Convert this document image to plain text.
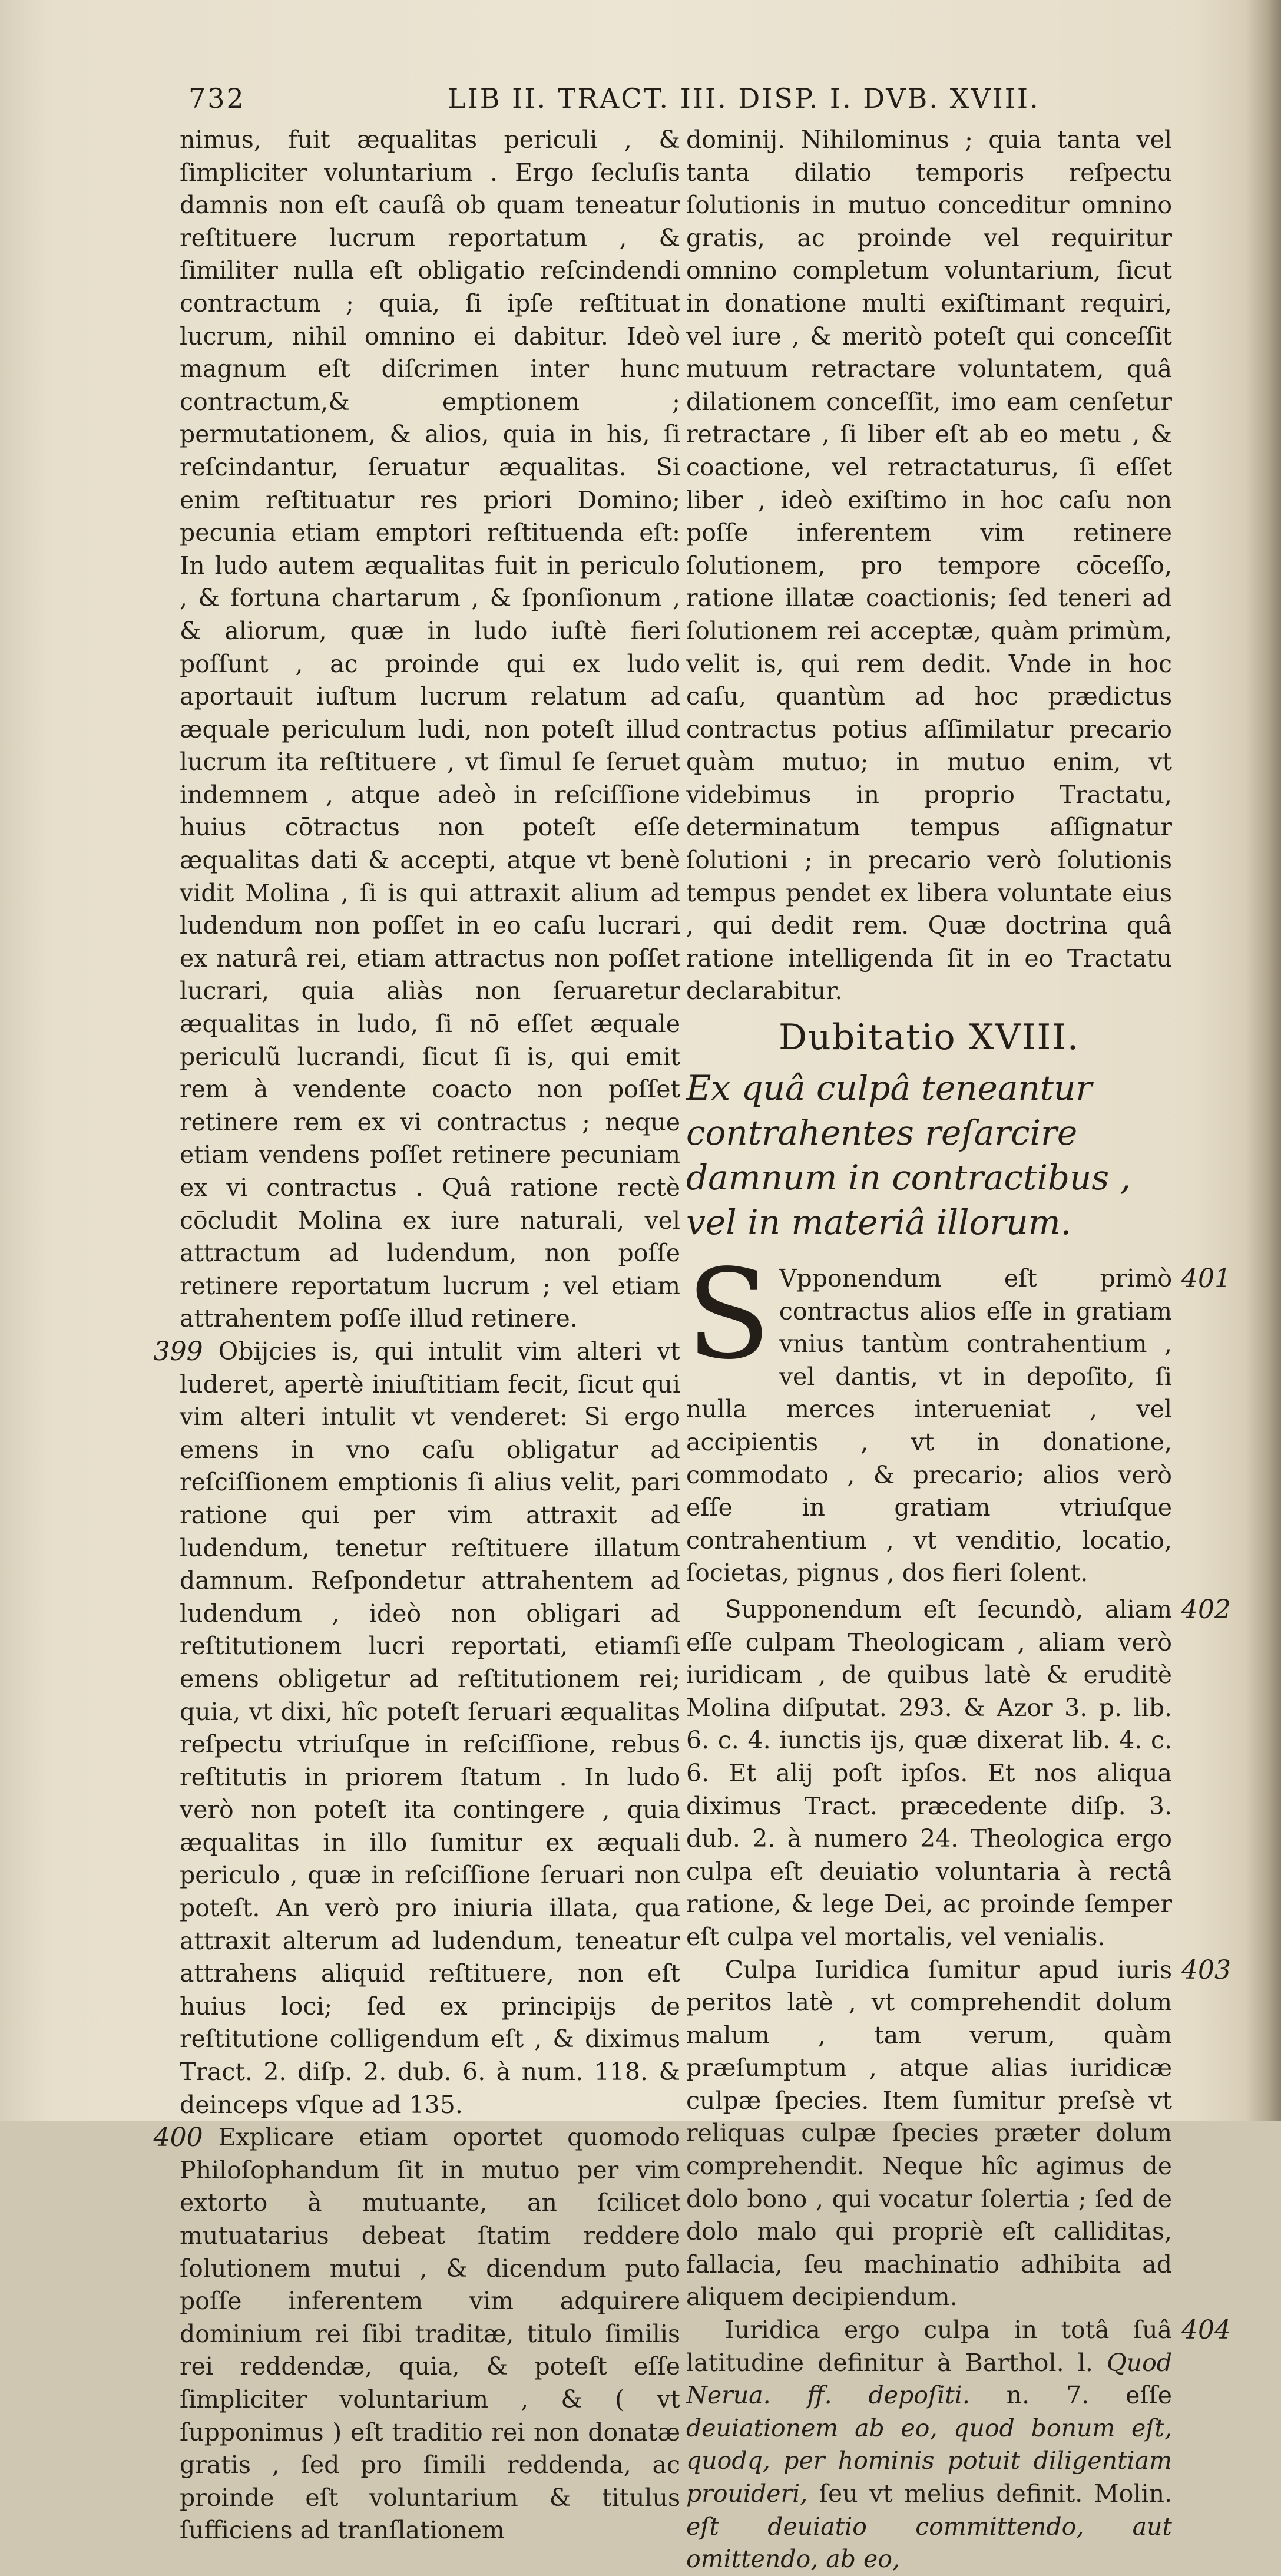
732	LIB II. TRACT. III. DISP. I. DVB. XVIII.

nimus, fuit æqualitas periculi , & ſimpliciter voluntarium . Ergo ſecluſis damnis non eſt cauſâ ob quam teneatur reſtituere lucrum reportatum , & ſimiliter nulla eſt obligatio reſcindendi contractum ; quia, ſi ipſe reſtituat lucrum, nihil omnino ei dabitur. Ideò magnum eſt diſcrimen inter hunc contractum,& emptionem ; permutationem, & alios, quia in his, ſi reſcindantur, ſeruatur æqualitas. Si enim reſtituatur res priori Domino; pecunia etiam emptori reſtituenda eſt: In ludo autem æqualitas fuit in periculo , & fortuna chartarum , & ſponſionum , & aliorum, quæ in ludo iuſtè fieri poſſunt , ac proinde qui ex ludo aportauit iuſtum lucrum relatum ad æquale periculum ludi, non poteſt illud lucrum ita reſtituere , vt ſimul ſe ſeruet indemnem , atque adeò in reſciſſione huius cōtractus non poteſt eſſe æqualitas dati & accepti, atque vt benè vidit Molina , ſi is qui attraxit alium ad ludendum non poſſet in eo caſu lucrari ex naturâ rei, etiam attractus non poſſet lucrari, quia aliàs non ſeruaretur æqualitas in ludo, ſi nō eſſet æquale periculũ lucrandi, ſicut ſi is, qui emit rem à vendente coacto non poſſet retinere rem ex vi contractus ; neque etiam vendens poſſet retinere pecuniam ex vi contractus . Quâ ratione rectè cōcludit Molina ex iure naturali, vel attractum ad ludendum, non poſſe retinere reportatum lucrum ; vel etiam attrahentem poſſe illud retinere.

399 Obijcies is, qui intulit vim alteri vt luderet, apertè iniuſtitiam fecit, ſicut qui vim alteri intulit vt venderet: Si ergo emens in vno caſu obligatur ad reſciſſionem emptionis ſi alius velit, pari ratione qui per vim attraxit ad ludendum, tenetur reſtituere illatum damnum. Reſpondetur attrahentem ad ludendum , ideò non obligari ad reſtitutionem lucri reportati, etiamſi emens obligetur ad reſtitutionem rei; quia, vt dixi, hîc poteſt ſeruari æqualitas reſpectu vtriuſque in reſciſſione, rebus reſtitutis in priorem ſtatum . In ludo verò non poteſt ita contingere , quia æqualitas in illo ſumitur ex æquali periculo , quæ in reſciſſione ſeruari non poteſt. An verò pro iniuria illata, qua attraxit alterum ad ludendum, teneatur attrahens aliquid reſtituere, non eſt huius loci; ſed ex principijs de reſtitutione colligendum eſt , & diximus Tract. 2. diſp. 2. dub. 6. à num. 118. & deinceps vſque ad 135.

400 Explicare etiam oportet quomodo Philoſophandum ſit in mutuo per vim extorto à mutuante, an ſcilicet mutuatarius debeat ſtatim reddere ſolutionem mutui , & dicendum puto poſſe inferentem vim adquirere dominium rei ſibi traditæ, titulo ſimilis rei reddendæ, quia, & poteſt eſſe ſimpliciter voluntarium , & ( vt ſupponimus ) eſt traditio rei non donatæ gratis , ſed pro ſimili reddenda, ac proinde eſt voluntarium & titulus ſufficiens ad tranſlationem

dominij. Nihilominus ; quia tanta vel tanta dilatio temporis reſpectu ſolutionis in mutuo conceditur omnino gratis, ac proinde vel requiritur omnino completum voluntarium, ſicut in donatione multi exiſtimant requiri, vel iure , & meritò poteſt qui conceſſit mutuum retractare voluntatem, quâ dilationem conceſſit, imo eam cenſetur retractare , ſi liber eſt ab eo metu , & coactione, vel retractaturus, ſi eſſet liber , ideò exiſtimo in hoc caſu non poſſe inferentem vim retinere ſolutionem, pro tempore cōceſſo, ratione illatæ coactionis; ſed teneri ad ſolutionem rei acceptæ, quàm primùm, velit is, qui rem dedit. Vnde in hoc caſu, quantùm ad hoc prædictus contractus potius aſſimilatur precario quàm mutuo; in mutuo enim, vt videbimus in proprio Tractatu, determinatum tempus aſſignatur ſolutioni ; in precario verò ſolutionis tempus pendet ex libera voluntate eius , qui dedit rem. Quæ doctrina quâ ratione intelligenda ſit in eo Tractatu declarabitur.

Dubitatio XVIII.
Ex quâ culpâ teneantur contrahentes reſarcire damnum in contractibus , vel in materiâ illorum.

401
S Vpponendum eſt primò contractus alios eſſe in gratiam vnius tantùm contrahentium , vel dantis, vt in depoſito, ſi nulla merces interueniat , vel accipientis , vt in donatione, commodato , & precario; alios verò eſſe in gratiam vtriuſque contrahentium , vt venditio, locatio, ſocietas, pignus , dos fieri ſolent.

402
Supponendum eſt ſecundò, aliam eſſe culpam Theologicam , aliam verò iuridicam , de quibus latè & eruditè Molina diſputat. 293. & Azor 3. p. lib. 6. c. 4. iunctis ijs, quæ dixerat lib. 4. c. 6. Et alij poſt ipſos. Et nos aliqua diximus Tract. præcedente diſp. 3. dub. 2. à numero 24. Theologica ergo culpa eſt deuiatio voluntaria à rectâ ratione, & lege Dei, ac proinde ſemper eſt culpa vel mortalis, vel venialis.

403
Culpa Iuridica ſumitur apud iuris peritos latè , vt comprehendit dolum malum , tam verum, quàm præſumptum , atque alias iuridicæ culpæ ſpecies. Item ſumitur preſsè vt reliquas culpæ ſpecies præter dolum comprehendit. Neque hîc agimus de dolo bono , qui vocatur ſolertia ; ſed de dolo malo qui propriè eſt calliditas, fallacia, ſeu machinatio adhibita ad aliquem decipiendum.

404
Iuridica ergo culpa in totâ ſuâ latitudine definitur à Barthol. l. Quod Nerua. ff. depoſiti. n. 7. eſſe deuiationem ab eo, quod bonum eſt, quodq, per hominis potuit diligentiam prouideri, ſeu vt melius definit. Molin. eſt deuiatio committendo, aut omittendo, ab eo,
